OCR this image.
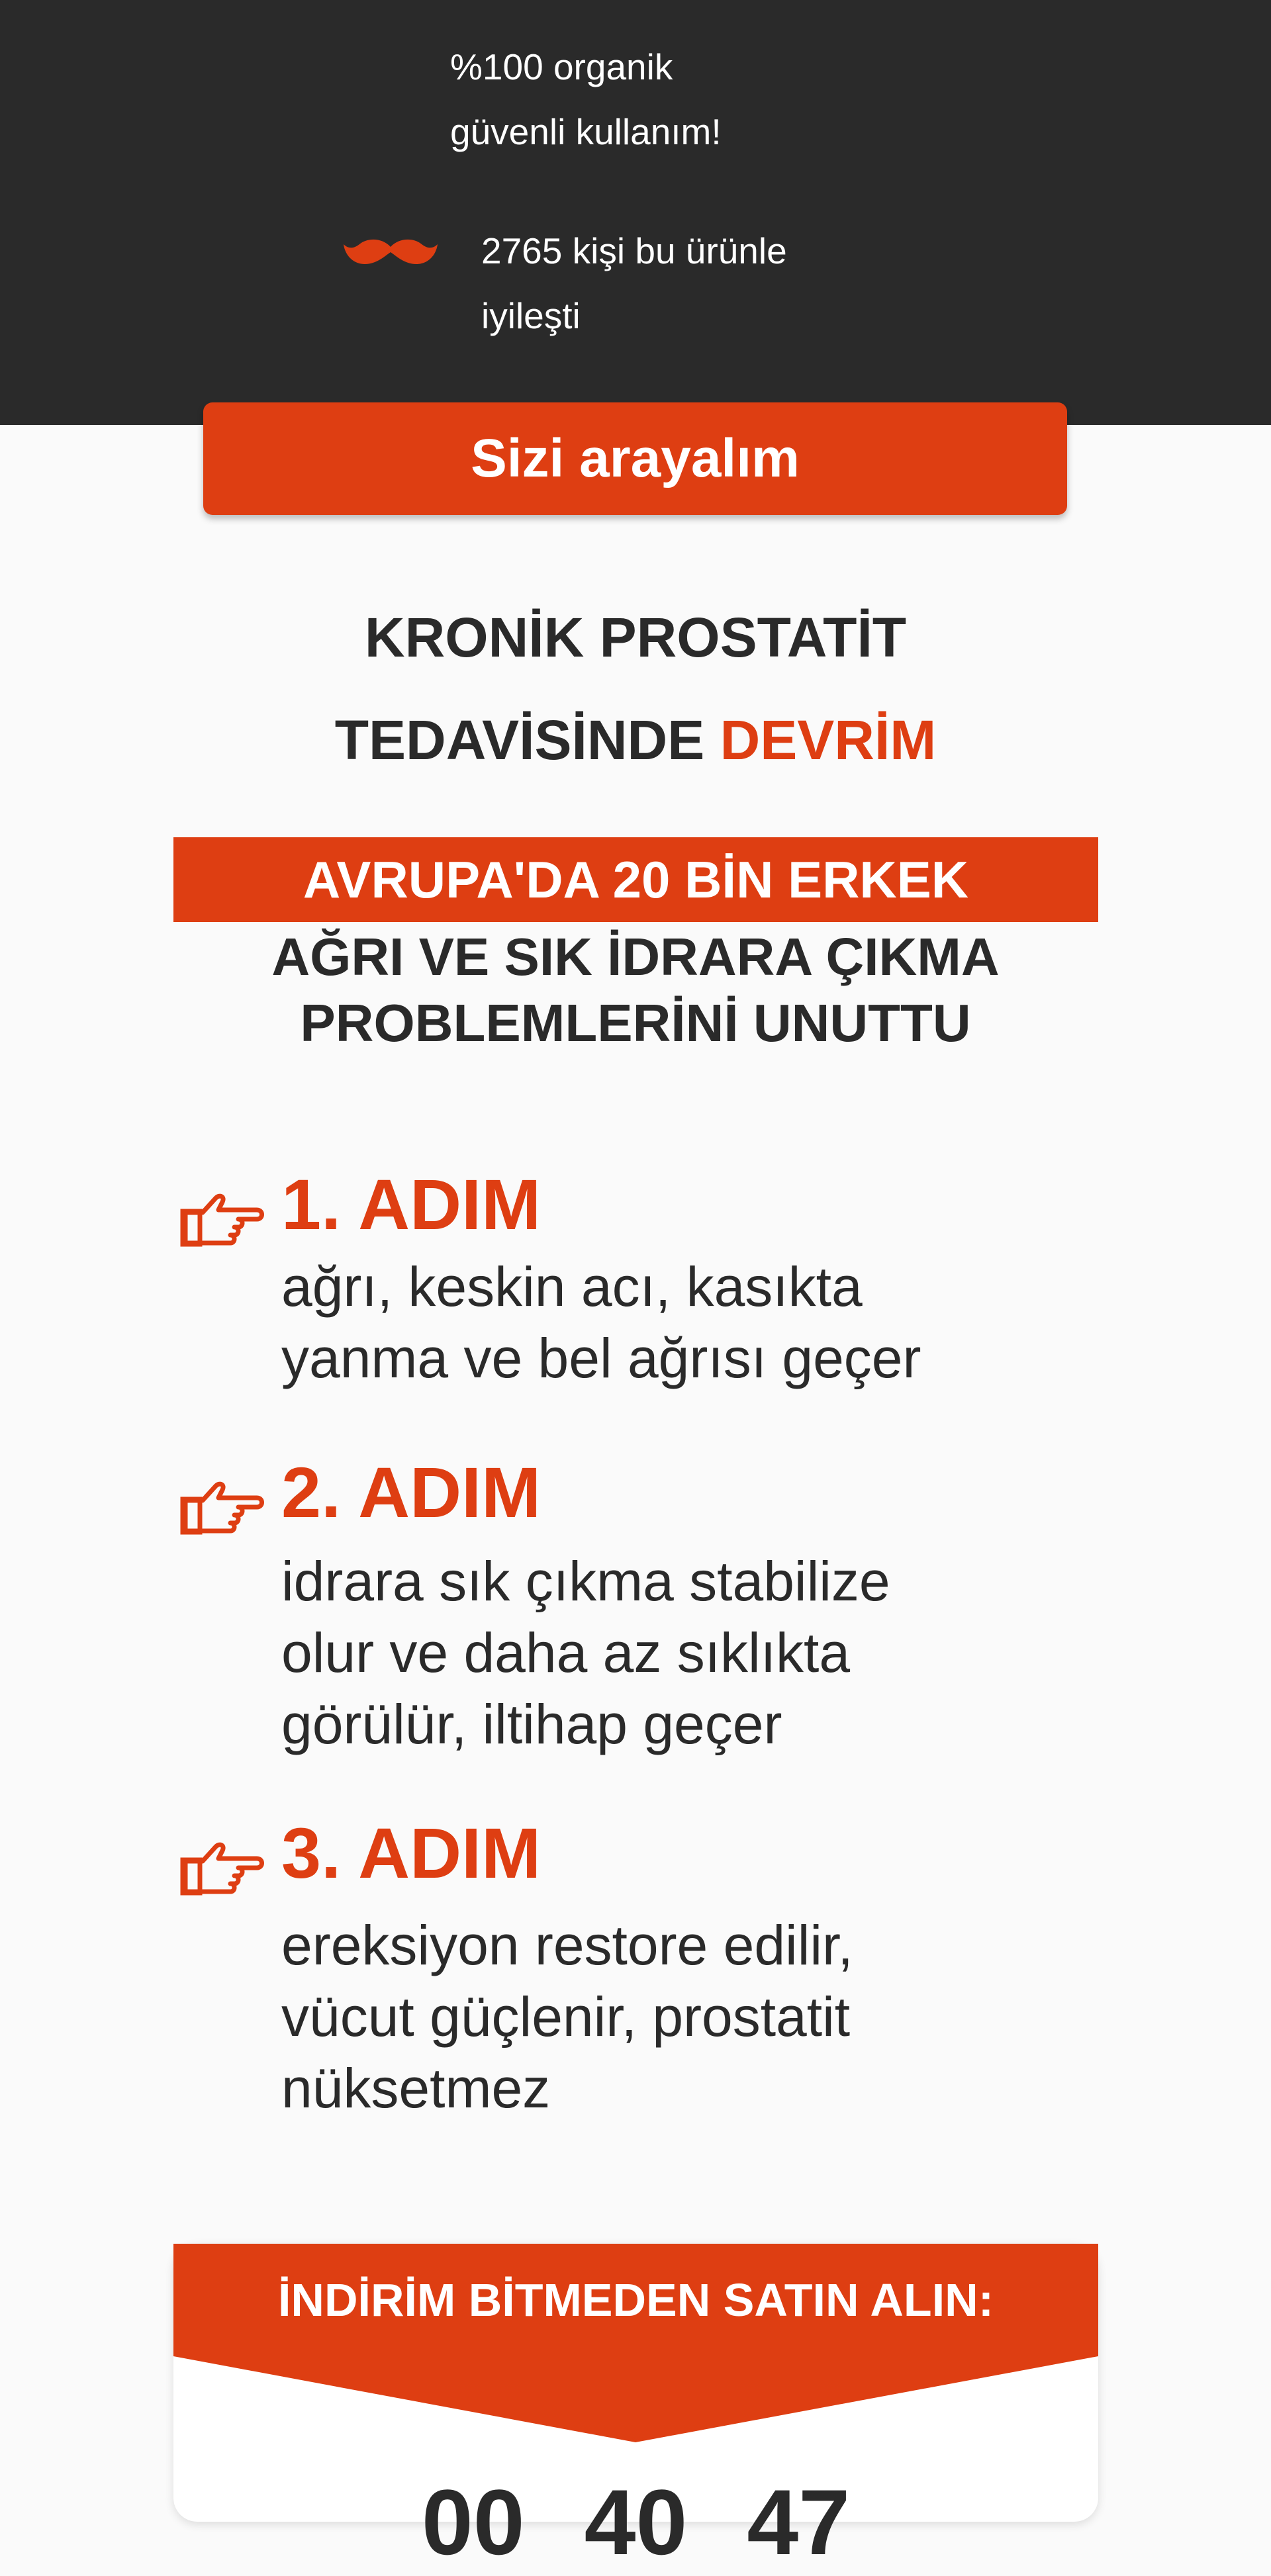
%100 organik
güvenli kullanım!
2765 kişi bu ürünle
iyileşti
Sizi arayalım
KRONİK PROSTATİT
TEDAVİSİNDE DEVRİM
AVRUPA'DA 20 BİN ERKEK
AĞRI VE SIK İDRARA ÇIKMA
PROBLEMLERİNİ UNUTTU
1. ADIM
ağrı, keskin acı, kasıkta
yanma ve bel ağrısı geçer
2. ADIM
idrara sık çıkma stabilize
olur ve daha az sıklıkta
görülür, iltihap geçer
3. ADIM
ereksiyon restore edilir,
vücut güçlenir, prostatit
nüksetmez
İNDİRİM BİTMEDEN SATIN ALIN:
00 40 47
